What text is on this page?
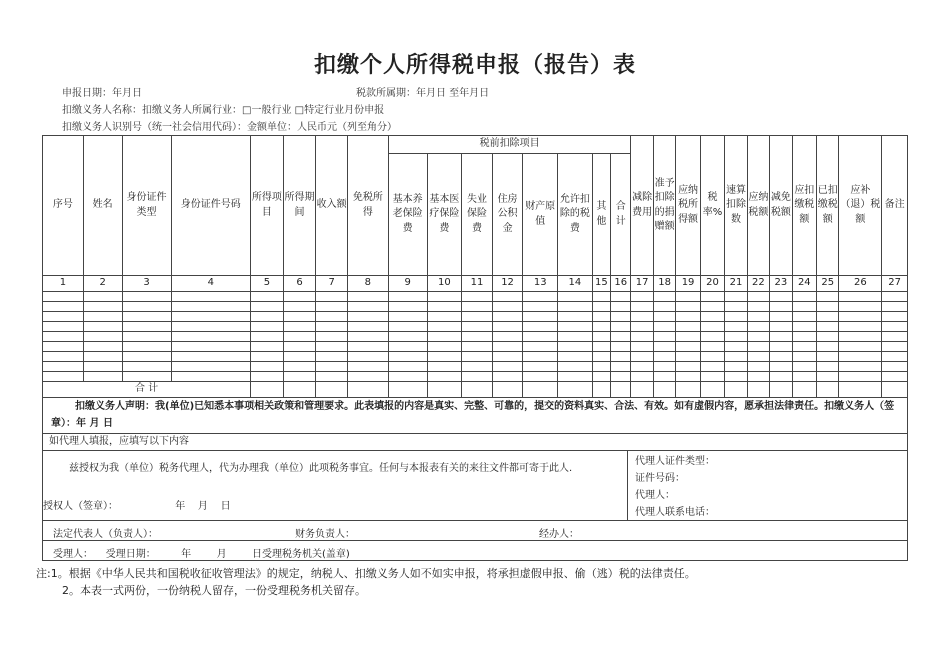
扣缴个人所得税申报（报告）表
申报日期：年月日	税款所属期：年月日 至年月日
扣缴义务人名称：扣缴义务人所属行业：□一般行业 □特定行业月份申报
扣缴义务人识别号（统一社会信用代码）：金额单位：人民币元（列至角分）
序号	姓名	身份证件类型	身份证件号码	所得项目	所得期间	收入额	免税所得	税前扣除项目								减除费用	准予扣除的捐赠额	应纳税所得额	税率%	速算扣除数	应纳税额	减免税额	应扣缴税额	已扣缴税额	应补（退）税额	备注
								基本养老保险费	基本医疗保险费	失业保险费	住房公积金	财产原值	允许扣除的税费	其他	合计											
1	2	3	4	5	6	7	8	9	10	11	12	13	14	15	16	17	18	19	20	21	22	23	24	25	26	27

合 计																										
扣缴义务人声明：我(单位)已知悉本事项相关政策和管理要求。此表填报的内容是真实、完整、可靠的，提交的资料真实、合法、有效。如有虚假内容，愿承担法律责任。扣缴义务人（签章）：年 月 日
如代理人填报，应填写以下内容
兹授权为我（单位）税务代理人，代为办理我（单位）此项税务事宜。任何与本报表有关的来往文件都可寄于此人.
授权人（签章）：                  年    月    日
代理人证件类型：
证件号码：
代理人：
代理人联系电话：
法定代表人（负责人）：	财务负责人：	经办人：
受理人：    受理日期：        年        月        日受理税务机关(盖章)
注:1。根据《中华人民共和国税收征收管理法》的规定，纳税人、扣缴义务人如不如实申报，将承担虚假申报、偷（逃）税的法律责任。
2。本表一式两份，一份纳税人留存，一份受理税务机关留存。
